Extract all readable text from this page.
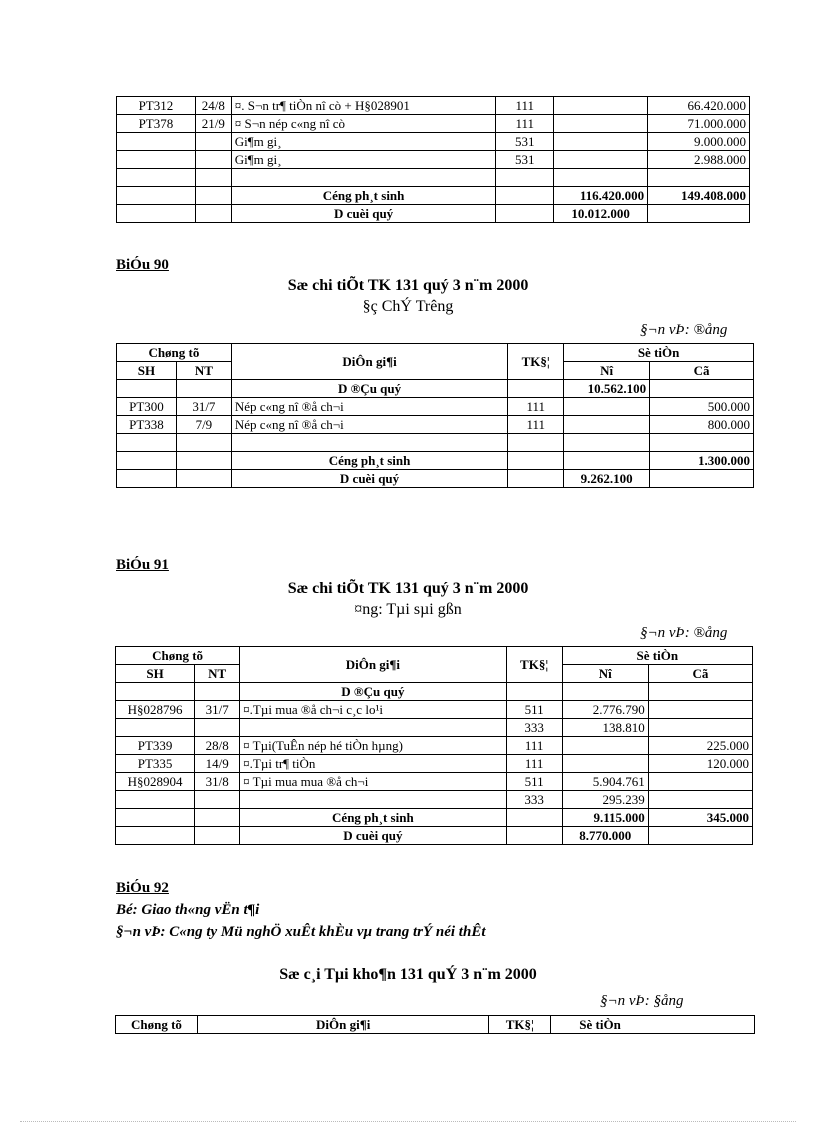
PT312	24/8	¤. S¬n tr¶ tiÒn nî cò + H§028901	111		66.420.000
PT378	21/9	¤ S¬n nép c«ng nî cò	111		71.000.000
		Gi¶m gi¸	531		9.000.000
		Gi¶m gi¸	531		2.988.000

		Céng ph¸t sinh		116.420.000	149.408.000
		D cuèi quý		10.012.000	
BiÓu 90
Sæ chi tiÕt TK 131 quý 3 n¨m 2000
§ç ChÝ Trêng
§¬n vÞ: ®ång
Chøng tõ		DiÔn gi¶i	TK§¦	Sè tiÒn	
SH	NT			Nî	Cã
		D ®Çu quý		10.562.100	
PT300	31/7	Nép c«ng nî ®å ch¬i	111		500.000
PT338	7/9	Nép c«ng nî ®å ch¬i	111		800.000

		Céng ph¸t sinh			1.300.000
		D cuèi quý		9.262.100	
BiÓu 91
Sæ chi tiÕt TK 131 quý 3 n¨m 2000
¤ng: Tµi sµi gßn
§¬n vÞ: ®ång
Chøng tõ		DiÔn gi¶i	TK§¦	Sè tiÒn	
SH	NT			Nî	Cã
		D ®Çu quý			
H§028796	31/7	¤.Tµi mua ®å ch¬i c¸c lo¹i	511	2.776.790	
			333	138.810	
PT339	28/8	¤ Tµi(TuÊn nép hé tiÒn hµng)	111		225.000
PT335	14/9	¤.Tµi tr¶ tiÒn	111		120.000
H§028904	31/8	¤ Tµi mua mua ®å ch¬i	511	5.904.761	
			333	295.239	
		Céng ph¸t sinh		9.115.000	345.000
		D cuèi quý		8.770.000	
BiÓu 92
Bé: Giao th«ng vËn t¶i
§¬n vÞ: C«ng ty Mü nghÖ xuÊt khÈu vµ trang trÝ néi thÊt
Sæ c¸i Tµi kho¶n 131 quÝ 3 n¨m 2000
§¬n vÞ: §ång
Chøng tõ	DiÔn gi¶i	TK§¦	Sè tiÒn
